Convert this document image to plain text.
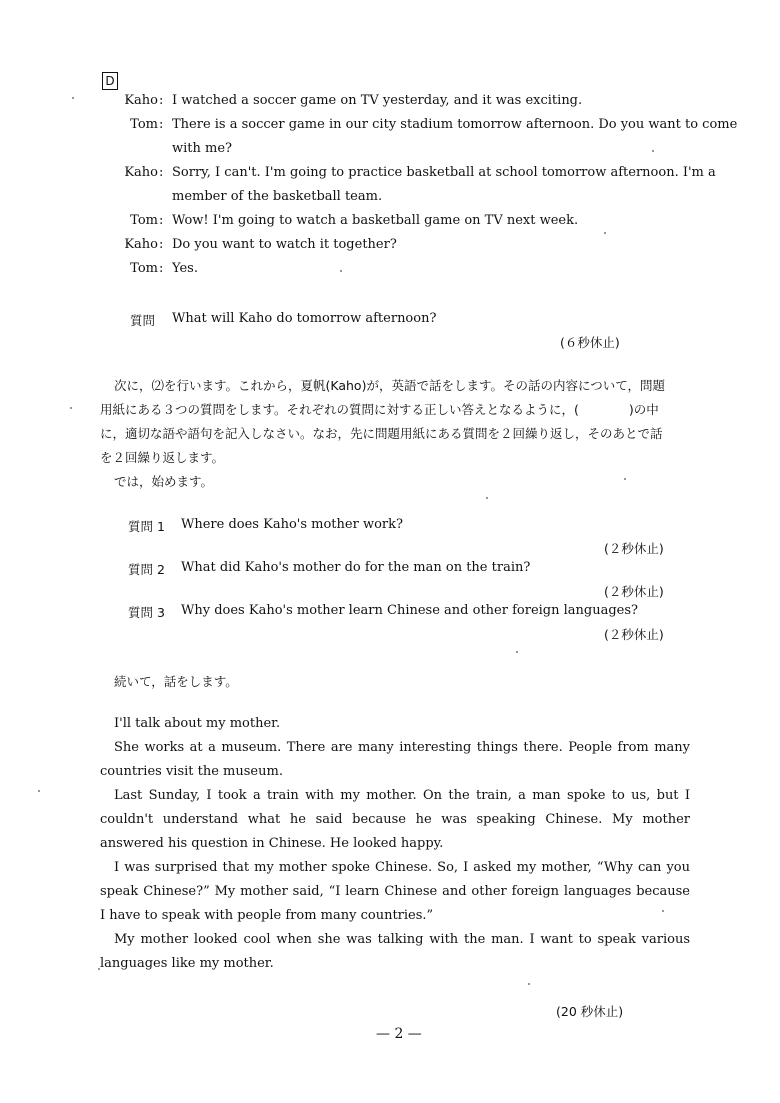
D
Kaho : I watched a soccer game on TV yesterday, and it was exciting.
Tom : There is a soccer game in our city stadium tomorrow afternoon. Do you want to come
with me?
Kaho : Sorry, I can't. I'm going to practice basketball at school tomorrow afternoon. I'm a
member of the basketball team.
Tom : Wow! I'm going to watch a basketball game on TV next week.
Kaho : Do you want to watch it together?
Tom : Yes.
質問 What will Kaho do tomorrow afternoon?
(６秒休止)
次に，⑵を行います。これから，夏帆(Kaho)が，英語で話をします。その話の内容について，問題
用紙にある３つの質問をします。それぞれの質問に対する正しい答えとなるように，(　　　　)の中
に，適切な語や語句を記入しなさい。なお，先に問題用紙にある質問を２回繰り返し，そのあとで話
を２回繰り返します。
では，始めます。
質問 1 Where does Kaho's mother work?
(２秒休止)
質問 2 What did Kaho's mother do for the man on the train?
(２秒休止)
質問 3 Why does Kaho's mother learn Chinese and other foreign languages?
(２秒休止)
続いて，話をします。
I'll talk about my mother.
She works at a museum. There are many interesting things there. People from many countries visit the museum.
Last Sunday, I took a train with my mother. On the train, a man spoke to us, but I couldn't understand what he said because he was speaking Chinese. My mother answered his question in Chinese. He looked happy.
I was surprised that my mother spoke Chinese. So, I asked my mother, “Why can you speak Chinese?” My mother said, “I learn Chinese and other foreign languages because I have to speak with people from many countries.”
My mother looked cool when she was talking with the man. I want to speak various languages like my mother.
(20 秒休止)
— 2 —
